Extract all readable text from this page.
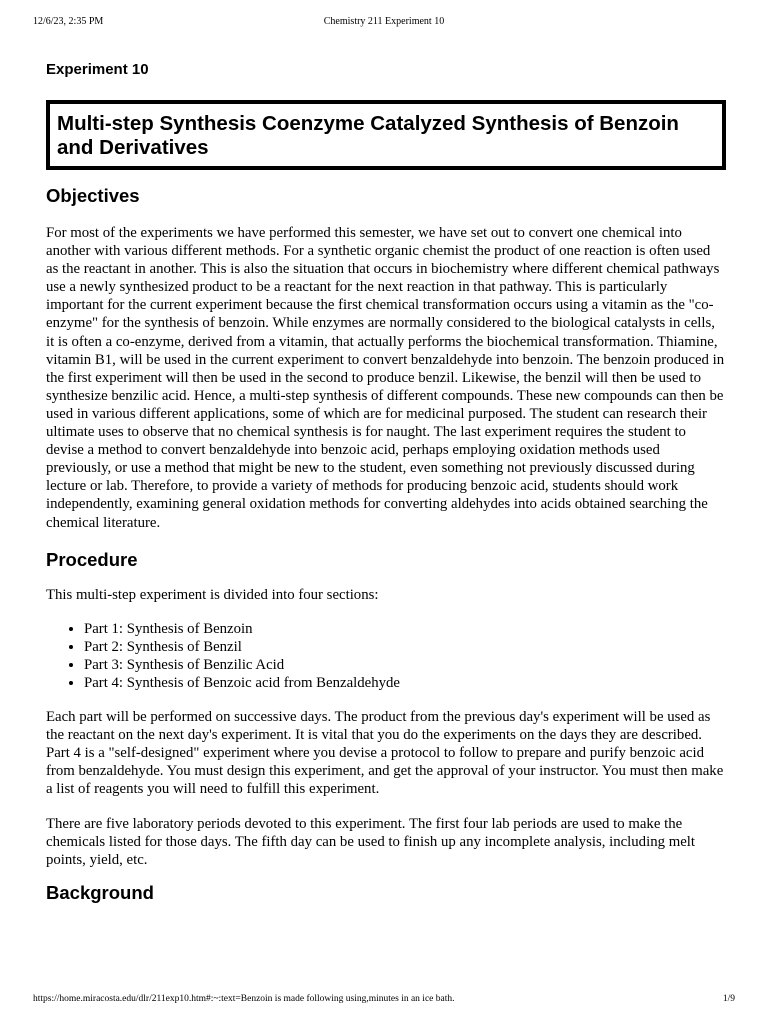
12/6/23, 2:35 PM	Chemistry 211 Experiment 10
Experiment 10
Multi-step Synthesis Coenzyme Catalyzed Synthesis of Benzoin and Derivatives
Objectives

For most of the experiments we have performed this semester, we have set out to convert one chemical into another with various different methods. For a synthetic organic chemist the product of one reaction is often used as the reactant in another. This is also the situation that occurs in biochemistry where different chemical pathways use a newly synthesized product to be a reactant for the next reaction in that pathway. This is particularly important for the current experiment because the first chemical transformation occurs using a vitamin as the "co-enzyme" for the synthesis of benzoin. While enzymes are normally considered to the biological catalysts in cells, it is often a co-enzyme, derived from a vitamin, that actually performs the biochemical transformation. Thiamine, vitamin B1, will be used in the current experiment to convert benzaldehyde into benzoin. The benzoin produced in the first experiment will then be used in the second to produce benzil. Likewise, the benzil will then be used to synthesize benzilic acid. Hence, a multi-step synthesis of different compounds. These new compounds can then be used in various different applications, some of which are for medicinal purposed. The student can research their ultimate uses to observe that no chemical synthesis is for naught. The last experiment requires the student to devise a method to convert benzaldehyde into benzoic acid, perhaps employing oxidation methods used previously, or use a method that might be new to the student, even something not previously discussed during lecture or lab. Therefore, to provide a variety of methods for producing benzoic acid, students should work independently, examining general oxidation methods for converting aldehydes into acids obtained searching the chemical literature.

Procedure

This multi-step experiment is divided into four sections:

• Part 1: Synthesis of Benzoin
• Part 2: Synthesis of Benzil
• Part 3: Synthesis of Benzilic Acid
• Part 4: Synthesis of Benzoic acid from Benzaldehyde

Each part will be performed on successive days. The product from the previous day's experiment will be used as the reactant on the next day's experiment. It is vital that you do the experiments on the days they are described. Part 4 is a "self-designed" experiment where you devise a protocol to follow to prepare and purify benzoic acid from benzaldehyde. You must design this experiment, and get the approval of your instructor. You must then make a list of reagents you will need to fulfill this experiment.

There are five laboratory periods devoted to this experiment. The first four lab periods are used to make the chemicals listed for those days. The fifth day can be used to finish up any incomplete analysis, including melt points, yield, etc.

Background
https://home.miracosta.edu/dlr/211exp10.htm#:~:text=Benzoin is made following using,minutes in an ice bath.	1/9
